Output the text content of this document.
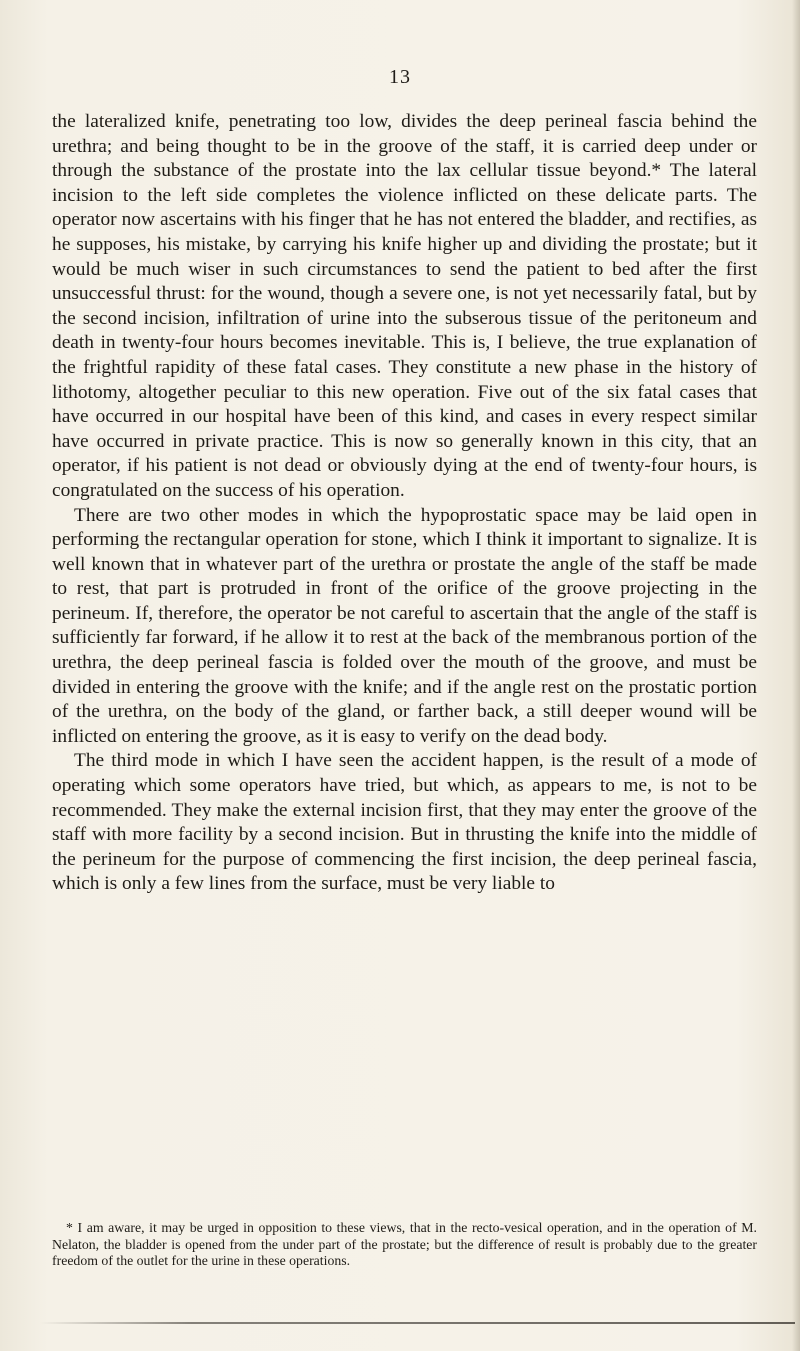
13

the lateralized knife, penetrating too low, divides the deep perineal fascia behind the urethra; and being thought to be in the groove of the staff, it is carried deep under or through the substance of the prostate into the lax cellular tissue beyond.* The lateral incision to the left side completes the violence inflicted on these delicate parts. The operator now ascertains with his finger that he has not entered the bladder, and rectifies, as he supposes, his mistake, by carrying his knife higher up and dividing the prostate; but it would be much wiser in such circumstances to send the patient to bed after the first unsuccessful thrust: for the wound, though a severe one, is not yet necessarily fatal, but by the second incision, infiltration of urine into the subserous tissue of the peritoneum and death in twenty-four hours becomes inevitable. This is, I believe, the true explanation of the frightful rapidity of these fatal cases. They constitute a new phase in the history of lithotomy, altogether peculiar to this new operation. Five out of the six fatal cases that have occurred in our hospital have been of this kind, and cases in every respect similar have occurred in private practice. This is now so generally known in this city, that an operator, if his patient is not dead or obviously dying at the end of twenty-four hours, is congratulated on the success of his operation.

There are two other modes in which the hypoprostatic space may be laid open in performing the rectangular operation for stone, which I think it important to signalize. It is well known that in whatever part of the urethra or prostate the angle of the staff be made to rest, that part is protruded in front of the orifice of the groove projecting in the perineum. If, therefore, the operator be not careful to ascertain that the angle of the staff is sufficiently far forward, if he allow it to rest at the back of the membranous portion of the urethra, the deep perineal fascia is folded over the mouth of the groove, and must be divided in entering the groove with the knife; and if the angle rest on the prostatic portion of the urethra, on the body of the gland, or farther back, a still deeper wound will be inflicted on entering the groove, as it is easy to verify on the dead body.

The third mode in which I have seen the accident happen, is the result of a mode of operating which some operators have tried, but which, as appears to me, is not to be recommended. They make the external incision first, that they may enter the groove of the staff with more facility by a second incision. But in thrusting the knife into the middle of the perineum for the purpose of commencing the first incision, the deep perineal fascia, which is only a few lines from the surface, must be very liable to

* I am aware, it may be urged in opposition to these views, that in the recto-vesical operation, and in the operation of M. Nelaton, the bladder is opened from the under part of the prostate; but the difference of result is probably due to the greater freedom of the outlet for the urine in these operations.
